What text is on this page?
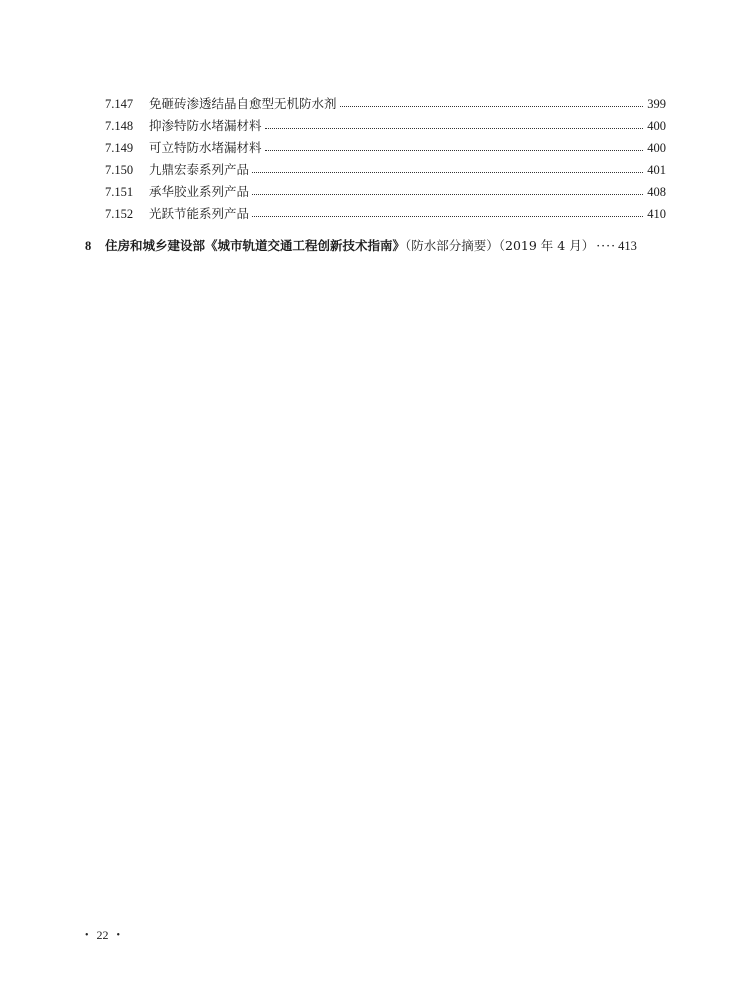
7.147	免砸砖渗透结晶自愈型无机防水剂	399
7.148	抑渗特防水堵漏材料	400
7.149	可立特防水堵漏材料	400
7.150	九鼎宏泰系列产品	401
7.151	承华胶业系列产品	408
7.152	光跃节能系列产品	410
8	住房和城乡建设部《城市轨道交通工程创新技术指南》（防水部分摘要）（2019 年 4 月） ···· 413
• 22 •
